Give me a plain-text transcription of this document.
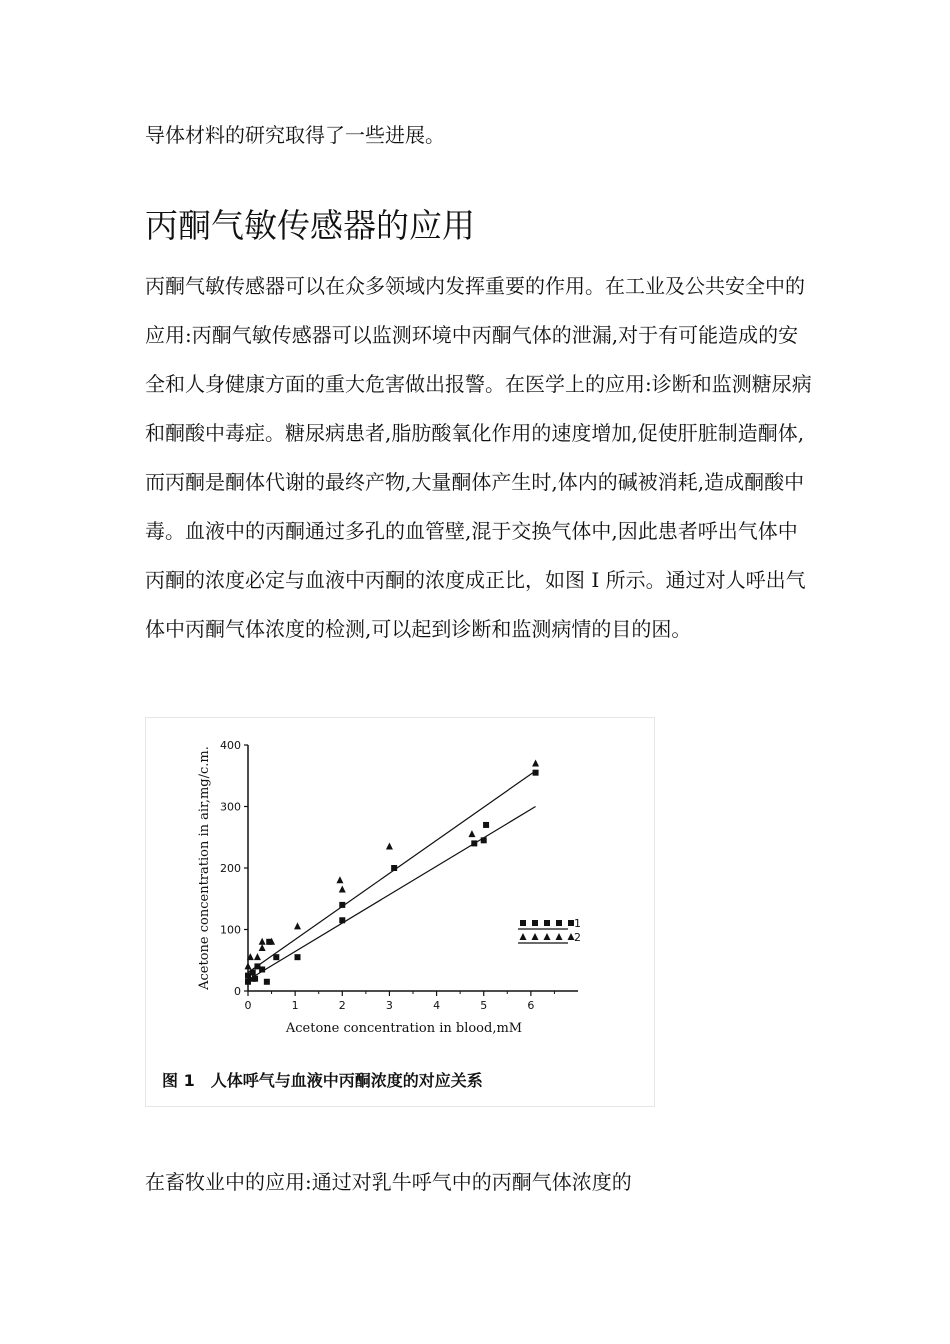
导体材料的研究取得了一些进展。

丙酮气敏传感器的应用

丙酮气敏传感器可以在众多领域内发挥重要的作用。在工业及公共安全中的应用:丙酮气敏传感器可以监测环境中丙酮气体的泄漏,对于有可能造成的安全和人身健康方面的重大危害做出报警。在医学上的应用:诊断和监测糖尿病和酮酸中毒症。糖尿病患者,脂肪酸氧化作用的速度增加,促使肝脏制造酮体,而丙酮是酮体代谢的最终产物,大量酮体产生时,体内的碱被消耗,造成酮酸中毒。血液中的丙酮通过多孔的血管壁,混于交换气体中,因此患者呼出气体中丙酮的浓度必定与血液中丙酮的浓度成正比，如图 I 所示。通过对人呼出气体中丙酮气体浓度的检测,可以起到诊断和监测病情的目的困。

0
100
200
300
400
0	1	2	3	4	5	6
1
2
Acetone concentration in blood,mM
Acetone concentration in air,mg/c.m.
图 1　人体呼气与血液中丙酮浓度的对应关系

在畜牧业中的应用:通过对乳牛呼气中的丙酮气体浓度的
